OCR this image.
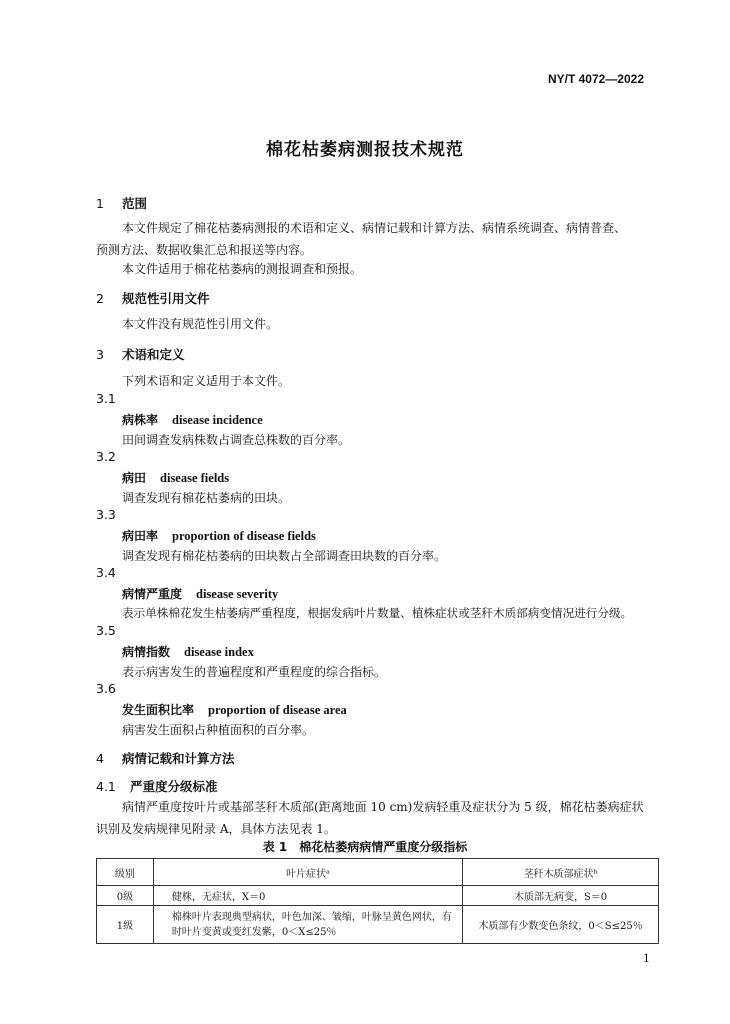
NY/T 4072—2022
棉花枯萎病测报技术规范
1 范围
本文件规定了棉花枯萎病测报的术语和定义、病情记载和计算方法、病情系统调查、病情普查、预测方法、数据收集汇总和报送等内容。
本文件适用于棉花枯萎病的测报调查和预报。
2 规范性引用文件
本文件没有规范性引用文件。
3 术语和定义
下列术语和定义适用于本文件。
3.1
病株率 disease incidence
田间调查发病株数占调查总株数的百分率。
3.2
病田 disease fields
调查发现有棉花枯萎病的田块。
3.3
病田率 proportion of disease fields
调查发现有棉花枯萎病的田块数占全部调查田块数的百分率。
3.4
病情严重度 disease severity
表示单株棉花发生枯萎病严重程度，根据发病叶片数量、植株症状或茎秆木质部病变情况进行分级。
3.5
病情指数 disease index
表示病害发生的普遍程度和严重程度的综合指标。
3.6
发生面积比率 proportion of disease area
病害发生面积占种植面积的百分率。
4 病情记载和计算方法
4.1 严重度分级标准
病情严重度按叶片或基部茎秆木质部(距离地面 10 cm)发病轻重及症状分为 5 级，棉花枯萎病症状识别及发病规律见附录 A，具体方法见表 1。
表 1　棉花枯萎病病情严重度分级指标
级别	叶片症状ᵃ	茎秆木质部症状ᵇ
0级	健株，无症状，X＝0	木质部无病变，S＝0
1级	棉株叶片表现典型病状，叶色加深、皱缩，叶脉呈黄色网状，有时叶片变黄或变红发紫，0＜X≤25％	木质部有少数变色条纹，0＜S≤25％
1
